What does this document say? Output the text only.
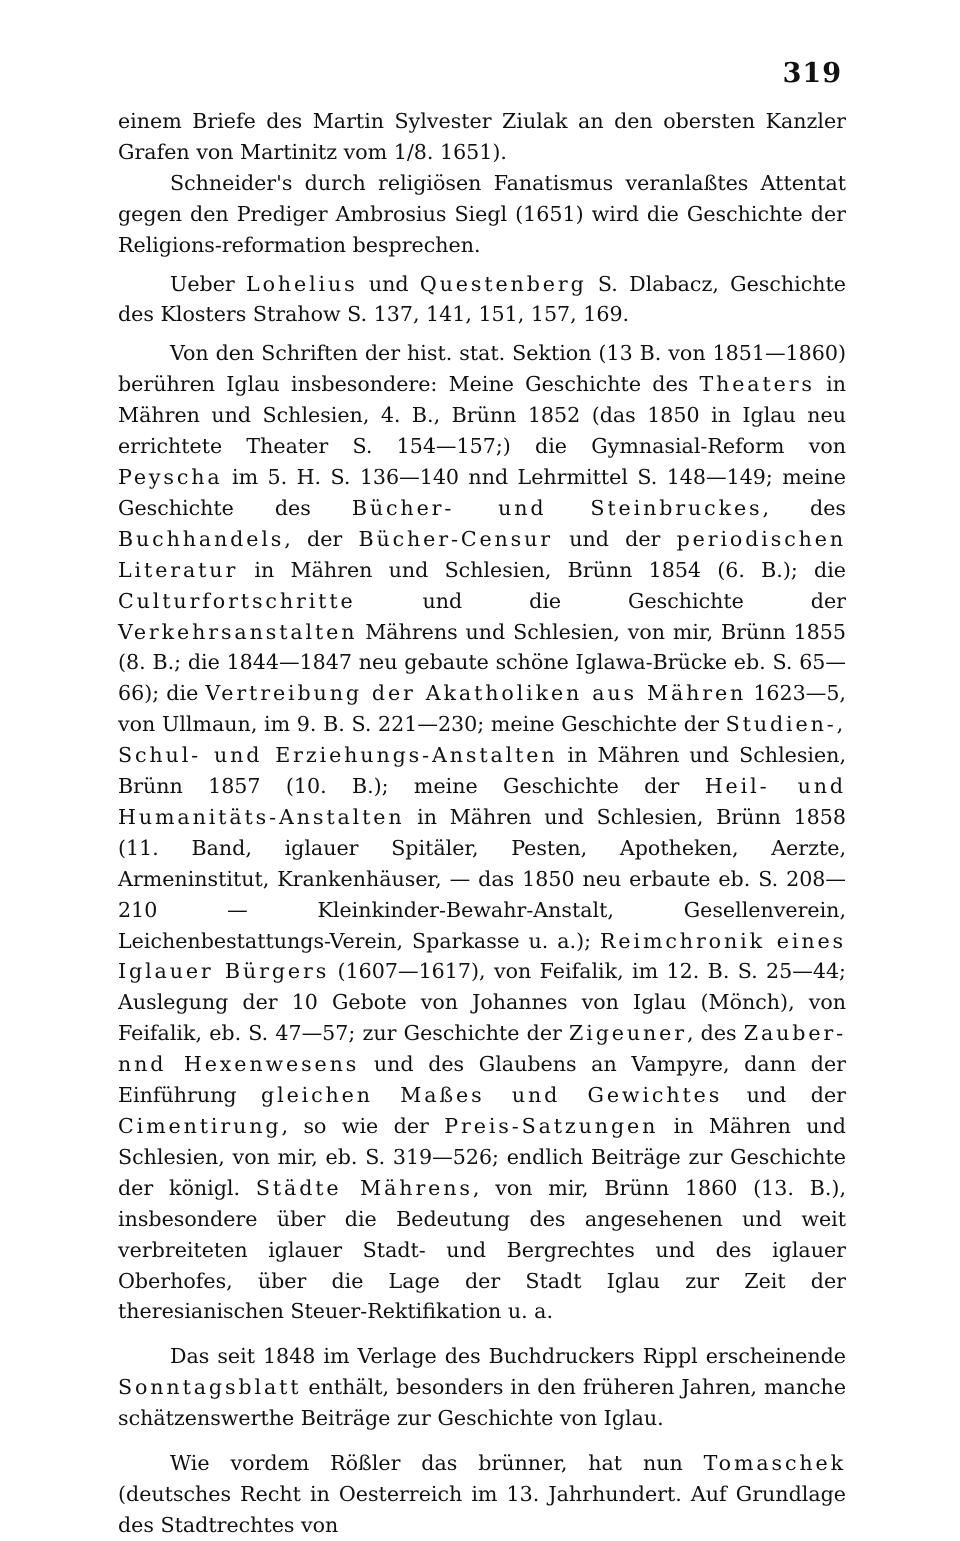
319

einem Briefe des Martin Sylvester Ziulak an den obersten Kanzler Grafen von Martinitz vom 1/8. 1651).

Schneider's durch religiösen Fanatismus veranlaßtes Attentat gegen den Prediger Ambrosius Siegl (1651) wird die Geschichte der Religions-reformation besprechen.

Ueber Lohelius und Questenberg S. Dlabacz, Geschichte des Klosters Strahow S. 137, 141, 151, 157, 169.

Von den Schriften der hist. stat. Sektion (13 B. von 1851—1860) berühren Iglau insbesondere: Meine Geschichte des Theaters in Mähren und Schlesien, 4. B., Brünn 1852 (das 1850 in Iglau neu errichtete Theater S. 154—157;) die Gymnasial-Reform von Peyscha im 5. H. S. 136—140 nnd Lehrmittel S. 148—149; meine Geschichte des Bücher- und Steinbruckes, des Buchhandels, der Bücher-Censur und der periodischen Literatur in Mähren und Schlesien, Brünn 1854 (6. B.); die Culturfortschritte und die Geschichte der Verkehrsanstalten Mährens und Schlesien, von mir, Brünn 1855 (8. B.; die 1844—1847 neu gebaute schöne Iglawa-Brücke eb. S. 65—66); die Vertreibung der Akatholiken aus Mähren 1623—5, von Ullmaun, im 9. B. S. 221—230; meine Geschichte der Studien-, Schul- und Erziehungs-Anstalten in Mähren und Schlesien, Brünn 1857 (10. B.); meine Geschichte der Heil- und Humanitäts-Anstalten in Mähren und Schlesien, Brünn 1858 (11. Band, iglauer Spitäler, Pesten, Apotheken, Aerzte, Armeninstitut, Krankenhäuser, — das 1850 neu erbaute eb. S. 208—210 — Kleinkinder-Bewahr-Anstalt, Gesellenverein, Leichenbestattungs-Verein, Sparkasse u. a.); Reimchronik eines Iglauer Bürgers (1607—1617), von Feifalik, im 12. B. S. 25—44; Auslegung der 10 Gebote von Johannes von Iglau (Mönch), von Feifalik, eb. S. 47—57; zur Geschichte der Zigeuner, des Zauber- nnd Hexenwesens und des Glaubens an Vampyre, dann der Einführung gleichen Maßes und Gewichtes und der Cimentirung, so wie der Preis-Satzungen in Mähren und Schlesien, von mir, eb. S. 319—526; endlich Beiträge zur Geschichte der königl. Städte Mährens, von mir, Brünn 1860 (13. B.), insbesondere über die Bedeutung des angesehenen und weit verbreiteten iglauer Stadt- und Bergrechtes und des iglauer Oberhofes, über die Lage der Stadt Iglau zur Zeit der theresianischen Steuer-Rektifikation u. a.

Das seit 1848 im Verlage des Buchdruckers Rippl erscheinende Sonntagsblatt enthält, besonders in den früheren Jahren, manche schätzenswerthe Beiträge zur Geschichte von Iglau.

Wie vordem Rößler das brünner, hat nun Tomaschek (deutsches Recht in Oesterreich im 13. Jahrhundert. Auf Grundlage des Stadtrechtes von
